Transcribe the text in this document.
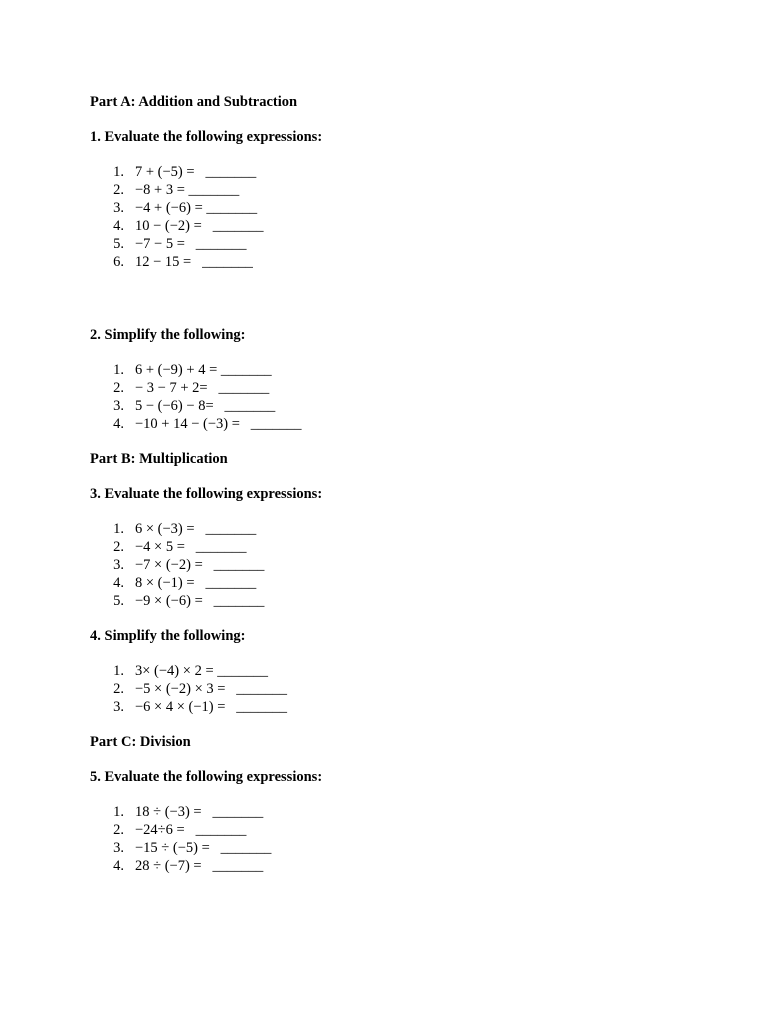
Part A: Addition and Subtraction

1. Evaluate the following expressions:

1. 7 + (−5) =   _______
2. −8 + 3 = _______
3. −4 + (−6) = _______
4. 10 − (−2) =   _______
5. −7 − 5 =   _______
6. 12 − 15 =   _______

2. Simplify the following:

1. 6 + (−9) + 4 = _______
2. − 3 − 7 + 2=   _______
3. 5 − (−6) − 8=   _______
4. −10 + 14 − (−3) =   _______

Part B: Multiplication

3. Evaluate the following expressions:

1. 6 × (−3) =   _______
2. −4 × 5 =   _______
3. −7 × (−2) =   _______
4. 8 × (−1) =   _______
5. −9 × (−6) =   _______

4. Simplify the following:

1. 3× (−4) × 2 = _______
2. −5 × (−2) × 3 =   _______
3. −6 × 4 × (−1) =   _______

Part C: Division

5. Evaluate the following expressions:

1. 18 ÷ (−3) =   _______
2. −24÷6 =   _______
3. −15 ÷ (−5) =   _______
4. 28 ÷ (−7) =   _______
